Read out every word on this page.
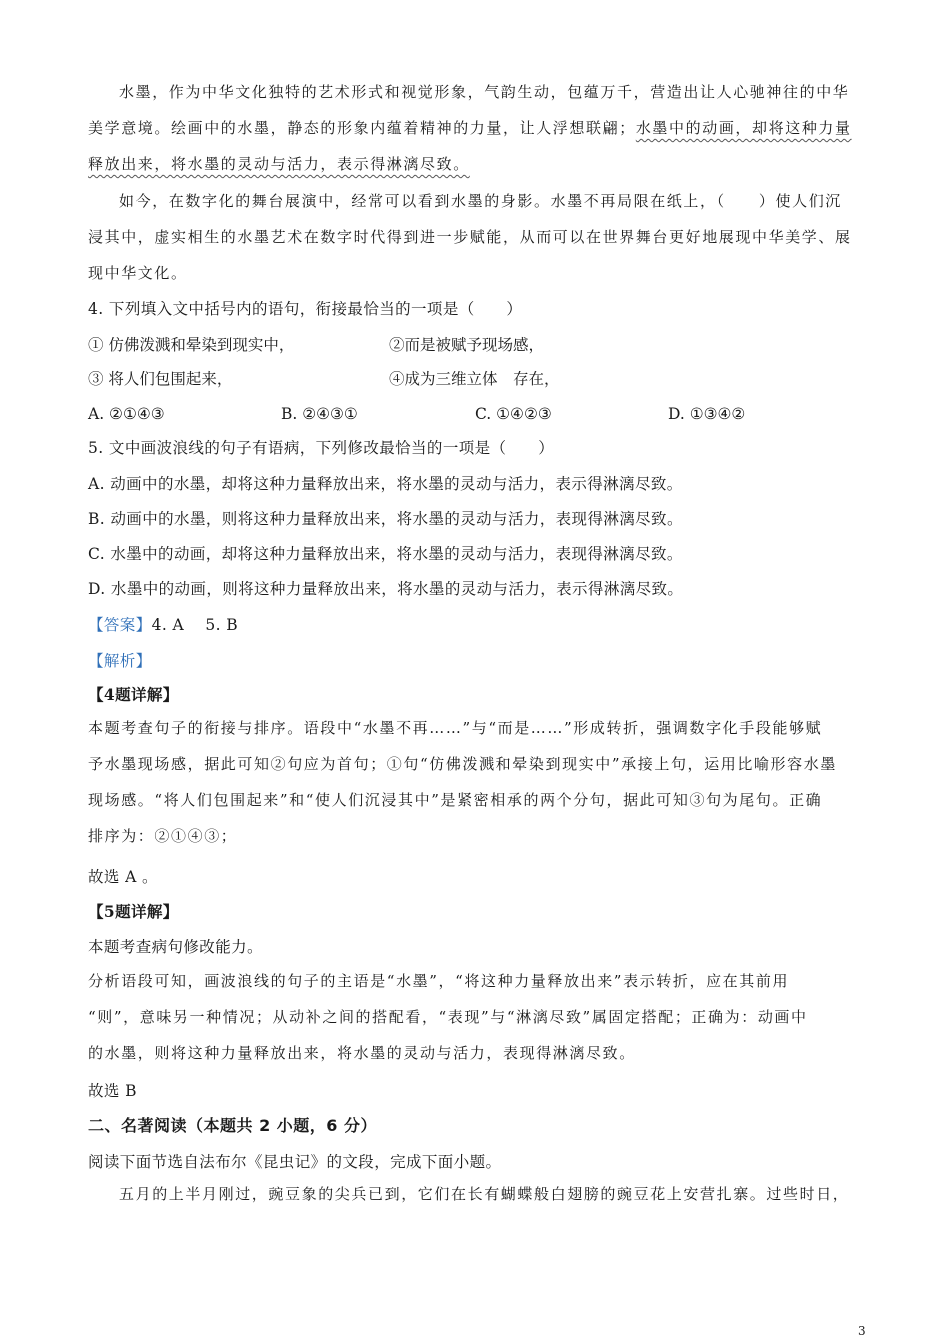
水墨，作为中华文化独特的艺术形式和视觉形象，气韵生动，包蕴万千，营造出让人心驰神往的中华
美学意境。绘画中的水墨，静态的形象内蕴着精神的力量，让人浮想联翩；水墨中的动画，却将这种力量
释放出来，将水墨的灵动与活力，表示得淋漓尽致。
如今，在数字化的舞台展演中，经常可以看到水墨的身影。水墨不再局限在纸上，（　　）使人们沉
浸其中，虚实相生的水墨艺术在数字时代得到进一步赋能，从而可以在世界舞台更好地展现中华美学、展
现中华文化。
4. 下列填入文中括号内的语句，衔接最恰当的一项是（　　）
① 仿佛泼溅和晕染到现实中，	②而是被赋予现场感，
③ 将人们包围起来，	④成为三维立体　存在，
A. ②①④③	B. ②④③①	C. ①④②③	D. ①③④②
5. 文中画波浪线的句子有语病，下列修改最恰当的一项是（　　）
A. 动画中的水墨，却将这种力量释放出来，将水墨的灵动与活力，表示得淋漓尽致。
B. 动画中的水墨，则将这种力量释放出来，将水墨的灵动与活力，表现得淋漓尽致。
C. 水墨中的动画，却将这种力量释放出来，将水墨的灵动与活力，表现得淋漓尽致。
D. 水墨中的动画，则将这种力量释放出来，将水墨的灵动与活力，表示得淋漓尽致。
【答案】4. A　 5. B
【解析】
【4题详解】
本题考查句子的衔接与排序。语段中“水墨不再……”与“而是……”形成转折，强调数字化手段能够赋
予水墨现场感，据此可知②句应为首句；①句“仿佛泼溅和晕染到现实中”承接上句，运用比喻形容水墨
现场感。“将人们包围起来”和“使人们沉浸其中”是紧密相承的两个分句，据此可知③句为尾句。正确
排序为：②①④③；
故选 A 。
【5题详解】
本题考查病句修改能力。
分析语段可知，画波浪线的句子的主语是“水墨”，“将这种力量释放出来”表示转折，应在其前用
“则”，意味另一种情况；从动补之间的搭配看，“表现”与“淋漓尽致”属固定搭配；正确为：动画中
的水墨，则将这种力量释放出来，将水墨的灵动与活力，表现得淋漓尽致。
故选 B
二、名著阅读（本题共 2 小题，6 分）
阅读下面节选自法布尔《昆虫记》的文段，完成下面小题。
五月的上半月刚过，豌豆象的尖兵已到，它们在长有蝴蝶般白翅膀的豌豆花上安营扎寨。过些时日，
3
